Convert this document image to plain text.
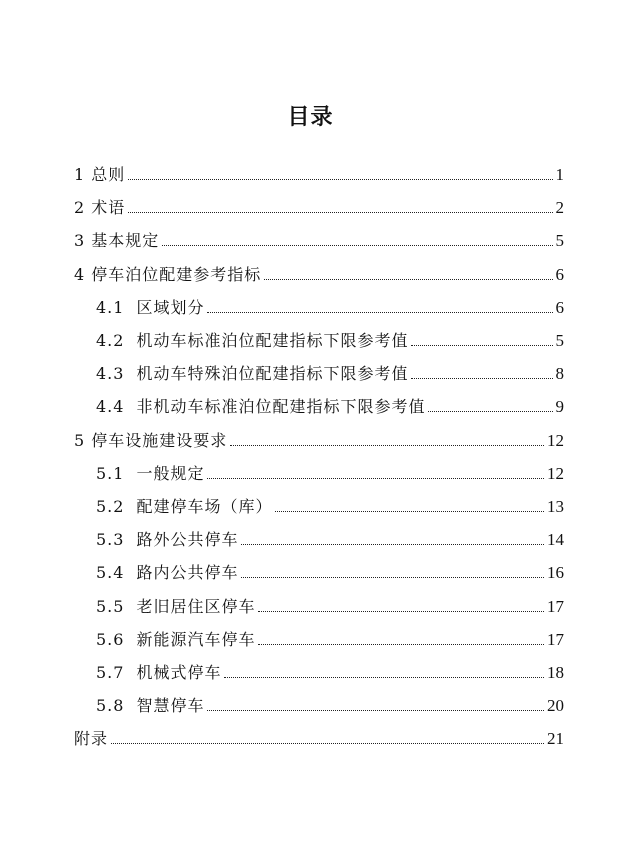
目录
1 总则	1
2 术语	2
3 基本规定	5
4 停车泊位配建参考指标	6
4.1 区域划分	6
4.2 机动车标准泊位配建指标下限参考值	5
4.3 机动车特殊泊位配建指标下限参考值	8
4.4 非机动车标准泊位配建指标下限参考值	9
5 停车设施建设要求	12
5.1 一般规定	12
5.2 配建停车场（库）	13
5.3 路外公共停车	14
5.4 路内公共停车	16
5.5 老旧居住区停车	17
5.6 新能源汽车停车	17
5.7 机械式停车	18
5.8 智慧停车	20
附录	21
